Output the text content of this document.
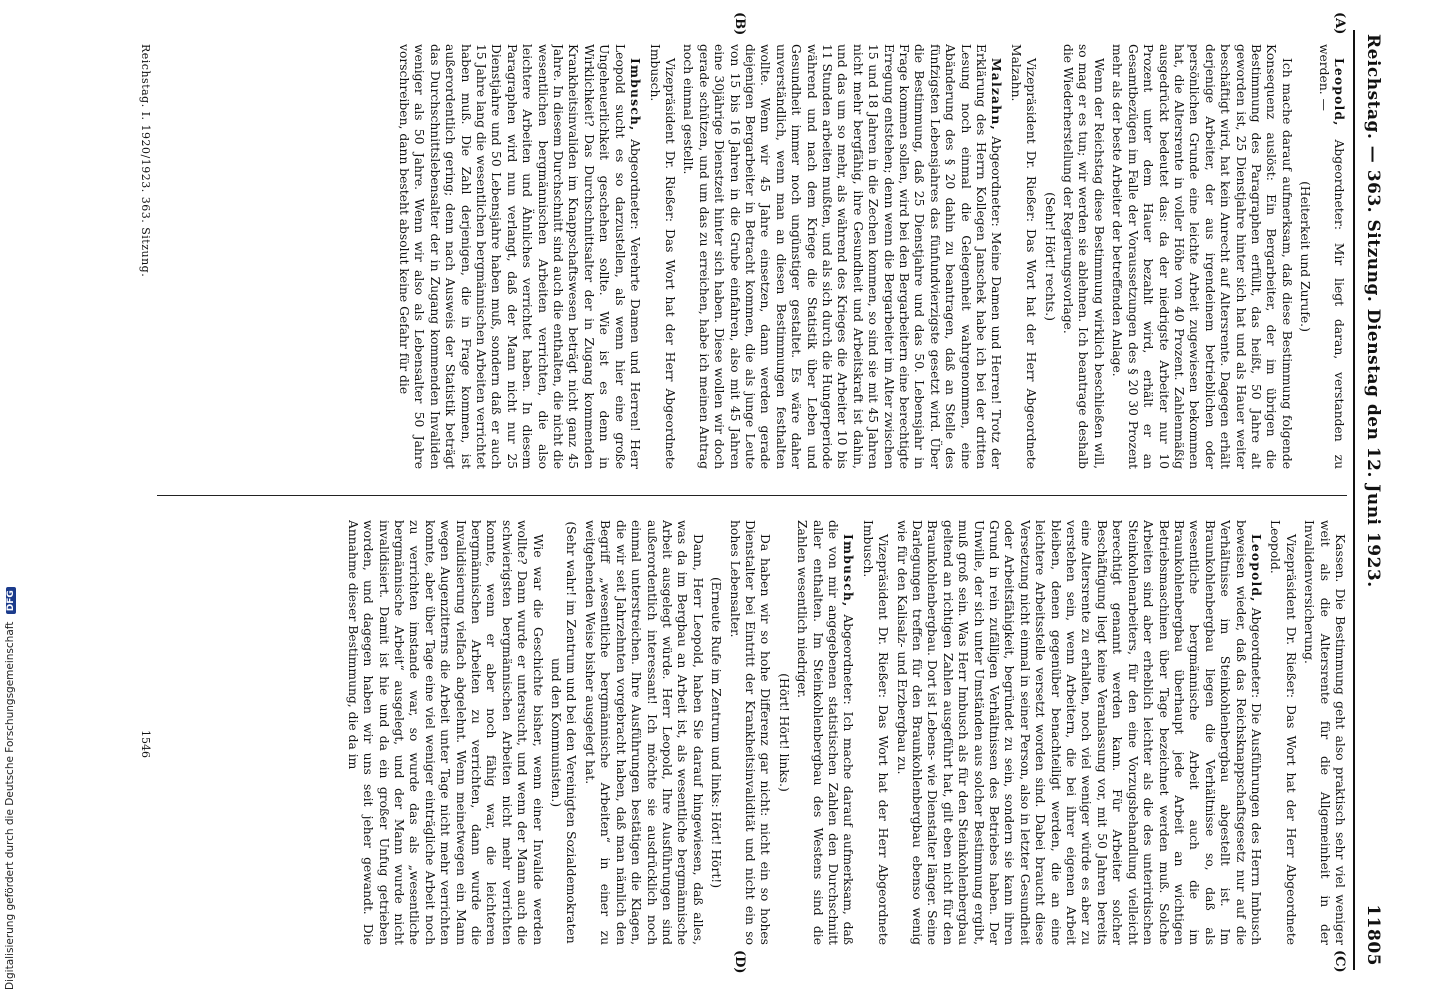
Digitalisierung gefördert durch die Deutsche Forschungsgemeinschaft DFG
Reichstag. — 363. Sitzung. Dienstag den 12. Juni 1923.
11805
(A)
(B)
(C)
(D)

Leopold, Abgeordneter: Mir liegt daran, verstanden zu werden. —

(Heiterkeit und Zurufe.)

Ich mache darauf aufmerksam, daß diese Bestimmung folgende Konsequenz auslöst: Ein Bergarbeiter, der im übrigen die Bestimmung des Paragraphen erfüllt, das heißt, 50 Jahre alt geworden ist, 25 Dienstjahre hinter sich hat und als Hauer weiter beschäftigt wird, hat kein Anrecht auf Altersrente. Dagegen erhält derjenige Arbeiter, der aus irgendeinem betrieblichen oder persönlichen Grunde eine leichte Arbeit zugewiesen bekommen hat, die Altersrente in voller Höhe von 40 Prozent. Zahlenmäßig ausgedrückt bedeutet das: da der niedrigste Arbeiter nur 10 Prozent unter dem Hauer bezahlt wird, erhält er an Gesamtbezügen im Falle der Voraussetzungen des § 20 30 Prozent mehr als der beste Arbeiter der betreffenden Anlage.

Wenn der Reichstag diese Bestimmung wirklich beschließen will, so mag er es tun; wir werden sie ablehnen. Ich beantrage deshalb die Wiederherstellung der Regierungsvorlage.

(Sehr! Hört! rechts.)

Vizepräsident Dr. Rießer: Das Wort hat der Herr Abgeordnete Malzahn.

Malzahn, Abgeordneter: Meine Damen und Herren! Trotz der Erklärung des Herrn Kollegen Janschek habe ich bei der dritten Lesung noch einmal die Gelegenheit wahrgenommen, eine Abänderung des § 20 dahin zu beantragen, daß an Stelle des fünfzigsten Lebensjahres das fünfundvierzigste gesetzt wird. Über die Bestimmung, daß 25 Dienstjahre und das 50. Lebensjahr in Frage kommen sollen, wird bei den Bergarbeitern eine berechtigte Erregung entstehen; denn wenn die Bergarbeiter im Alter zwischen 15 und 18 Jahren in die Zechen kommen, so sind sie mit 45 Jahren nicht mehr bergfähig, ihre Gesundheit und Arbeitskraft ist dahin, und das um so mehr, als während des Krieges die Arbeiter 10 bis 11 Stunden arbeiten mußten, und als sich durch die Hungerperiode während und nach dem Kriege die Statistik über Leben und Gesundheit immer noch ungünstiger gestaltet. Es wäre daher unverständlich, wenn man an diesen Bestimmungen festhalten wollte. Wenn wir 45 Jahre einsetzen, dann werden gerade diejenigen Bergarbeiter in Betracht kommen, die als junge Leute von 15 bis 16 Jahren in die Grube einfahren, also mit 45 Jahren eine 30jährige Dienstzeit hinter sich haben. Diese wollen wir doch gerade schützen, und um das zu erreichen, habe ich meinen Antrag noch einmal gestellt.

Vizepräsident Dr. Rießer: Das Wort hat der Herr Abgeordnete Imbusch.

Imbusch, Abgeordneter: Verehrte Damen und Herren! Herr Leopold sucht es so darzustellen, als wenn hier eine große Ungeheuerlichkeit geschehen sollte. Wie ist es denn in Wirklichkeit? Das Durchschnittsalter der in Zugang kommenden Krankheitsinvaliden im Knappschaftswesen beträgt nicht ganz 45 Jahre. In diesem Durchschnitt sind auch die enthalten, die nicht die wesentlichen bergmännischen Arbeiten verrichten, die also leichtere Arbeiten und Ähnliches verrichtet haben. In diesem Paragraphen wird nun verlangt, daß der Mann nicht nur 25 Dienstjahre und 50 Lebensjahre haben muß, sondern daß er auch 15 Jahre lang die wesentlichen bergmännischen Arbeiten verrichtet haben muß. Die Zahl derjenigen, die in Frage kommen, ist außerordentlich gering; denn nach Ausweis der Statistik beträgt das Durchschnittslebensalter der in Zugang kommenden Invaliden weniger als 50 Jahre. Wenn wir also als Lebensalter 50 Jahre vorschreiben, dann besteht absolut keine Gefahr für die

Kassen. Die Bestimmung geht also praktisch sehr viel weniger weit als die Altersrente für die Allgemeinheit in der Invalidenversicherung.

Vizepräsident Dr. Rießer: Das Wort hat der Herr Abgeordnete Leopold.

Leopold, Abgeordneter: Die Ausführungen des Herrn Imbusch beweisen wieder, daß das Reichsknappschaftsgesetz nur auf die Verhältnisse im Steinkohlenbergbau abgestellt ist. Im Braunkohlenbergbau liegen die Verhältnisse so, daß als wesentliche bergmännische Arbeit auch die im Braunkohlenbergbau überhaupt jede Arbeit an wichtigen Betriebsmaschinen über Tage bezeichnet werden muß. Solche Arbeiten sind aber erheblich leichter als die des unterirdischen Steinkohlenarbeiters, für den eine Vorzugsbehandlung vielleicht berechtigt genannt werden kann. Für Arbeiter solcher Beschäftigung liegt keine Veranlassung vor, mit 50 Jahren bereits eine Altersrente zu erhalten, noch viel weniger würde es aber zu verstehen sein, wenn Arbeitern, die bei ihrer eigenen Arbeit bleiben, denen gegenüber benachteiligt werden, die an eine leichtere Arbeitsstelle versetzt worden sind. Dabei braucht diese Versetzung nicht einmal in seiner Person, also in letzter Gesundheit oder Arbeitsfähigkeit, begründet zu sein, sondern sie kann ihren Grund in rein zufälligen Verhältnissen des Betriebes haben. Der Unwille, der sich unter Umständen aus solcher Bestimmung ergibt, muß groß sein. Was Herr Imbusch als für den Steinkohlenbergbau geltend an richtigen Zahlen ausgeführt hat, gilt eben nicht für den Braunkohlenbergbau. Dort ist Lebens- wie Dienstalter länger. Seine Darlegungen treffen für den Braunkohlenbergbau ebenso wenig wie für den Kalisalz- und Erzbergbau zu.

Vizepräsident Dr. Rießer: Das Wort hat der Herr Abgeordnete Imbusch.

Imbusch, Abgeordneter: Ich mache darauf aufmerksam, daß die von mir angegebenen statistischen Zahlen den Durchschnitt aller enthalten. Im Steinkohlenbergbau des Westens sind die Zahlen wesentlich niedriger.

(Hört! Hört! links.)

Da haben wir so hohe Differenz gar nicht: nicht ein so hohes Dienstalter bei Eintritt der Krankheitsinvalidität und nicht ein so hohes Lebensalter.

(Erneute Rufe im Zentrum und links: Hört! Hört!)

Dann, Herr Leopold, haben Sie darauf hingewiesen, daß alles, was da im Bergbau an Arbeit ist, als wesentliche bergmännische Arbeit ausgelegt würde. Herr Leopold, Ihre Ausführungen sind außerordentlich interessant! Ich möchte sie ausdrücklich noch einmal unterstreichen. Ihre Ausführungen bestätigen die Klagen, die wir seit Jahrzehnten vorgebracht haben, daß man nämlich den Begriff „wesentliche bergmännische Arbeiten“ in einer zu weitgehenden Weise bisher ausgelegt hat.

(Sehr wahr! im Zentrum und bei den Vereinigten Sozialdemokraten und den Kommunisten.)

Wie war die Geschichte bisher, wenn einer Invalide werden wollte? Dann wurde er untersucht, und wenn der Mann auch die schwierigsten bergmännischen Arbeiten nicht mehr verrichten konnte, wenn er aber noch fähig war, die leichteren bergmännischen Arbeiten zu verrichten, dann wurde die Invalidisierung vielfach abgelehnt. Wenn meinetwegen ein Mann wegen Augenzitterns die Arbeit unter Tage nicht mehr verrichten konnte, aber über Tage eine viel weniger einträgliche Arbeit noch zu verrichten imstande war, so wurde das als „wesentliche bergmännische Arbeit“ ausgelegt, und der Mann wurde nicht invalidisiert. Damit ist hie und da ein großer Unfug getrieben worden, und dagegen haben wir uns seit jeher gewandt. Die Annahme dieser Bestimmung, die da im

Reichstag. I. 1920/1923. 363. Sitzung.
1546
